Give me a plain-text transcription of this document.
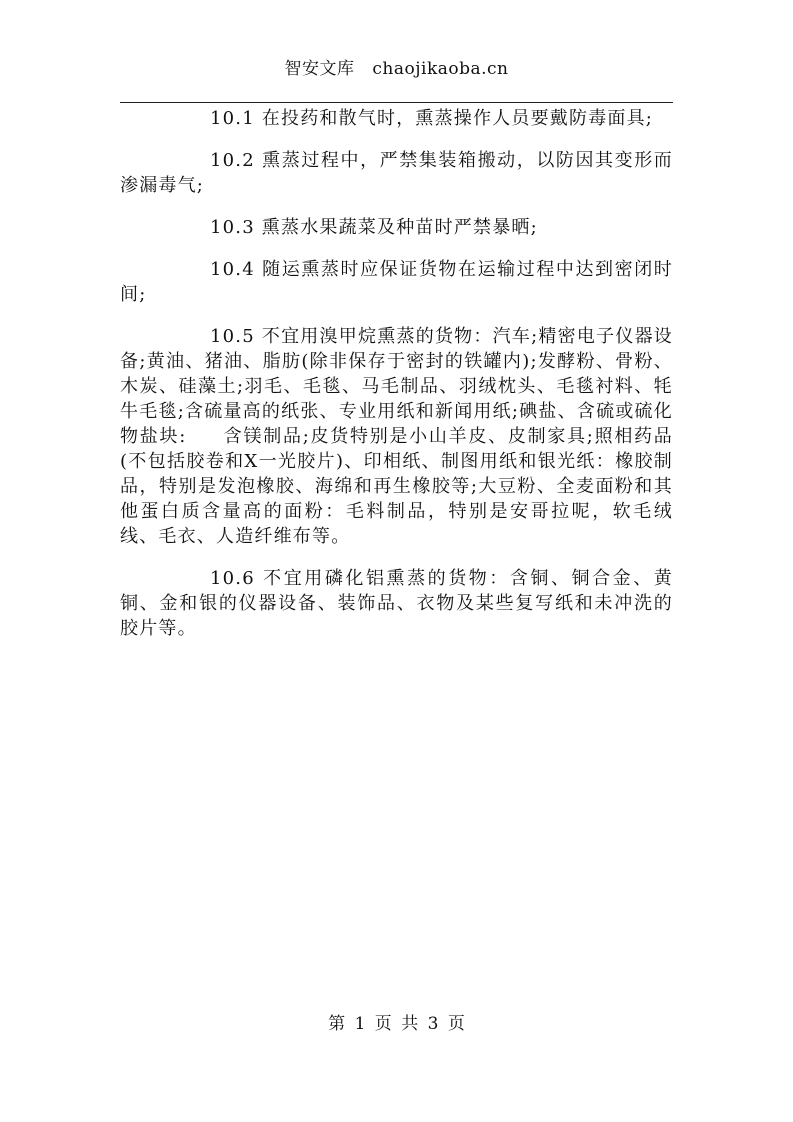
智安文库 chaojikaoba.cn

10.1 在投药和散气时，熏蒸操作人员要戴防毒面具;

10.2 熏蒸过程中，严禁集装箱搬动，以防因其变形而渗漏毒气;

10.3 熏蒸水果蔬菜及种苗时严禁暴晒;

10.4 随运熏蒸时应保证货物在运输过程中达到密闭时间;

10.5 不宜用溴甲烷熏蒸的货物：汽车;精密电子仪器设备;黄油、猪油、脂肪(除非保存于密封的铁罐内);发酵粉、骨粉、木炭、硅藻土;羽毛、毛毯、马毛制品、羽绒枕头、毛毯衬料、牦牛毛毯;含硫量高的纸张、专业用纸和新闻用纸;碘盐、含硫或硫化物盐块:     含镁制品;皮货特别是小山羊皮、皮制家具;照相药品(不包括胶卷和X一光胶片)、印相纸、制图用纸和银光纸：橡胶制品，特别是发泡橡胶、海绵和再生橡胶等;大豆粉、全麦面粉和其他蛋白质含量高的面粉：毛料制品，特别是安哥拉呢，软毛绒线、毛衣、人造纤维布等。

10.6 不宜用磷化铝熏蒸的货物：含铜、铜合金、黄铜、金和银的仪器设备、装饰品、衣物及某些复写纸和未冲洗的胶片等。

第 1 页 共 3 页
